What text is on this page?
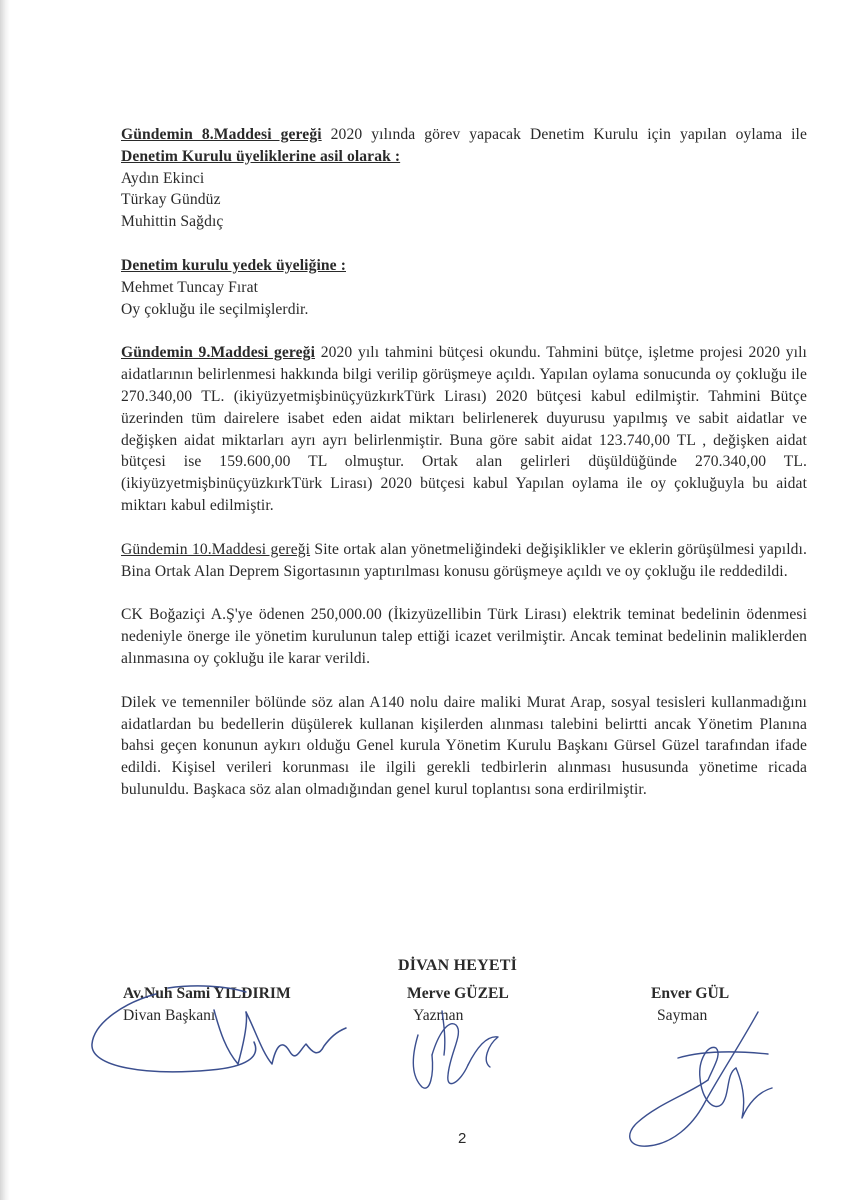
Gündemin 8.Maddesi gereği 2020 yılında görev yapacak Denetim Kurulu için yapılan oylama ile Denetim Kurulu üyeliklerine asil olarak :

Aydın Ekinci
Türkay Gündüz
Muhittin Sağdıç
Denetim kurulu yedek üyeliğine :
Mehmet Tuncay Fırat
Oy çokluğu ile seçilmişlerdir.

Gündemin 9.Maddesi gereği 2020 yılı tahmini bütçesi okundu. Tahmini bütçe, işletme projesi 2020 yılı aidatlarının belirlenmesi hakkında bilgi verilip görüşmeye açıldı. Yapılan oylama sonucunda oy çokluğu ile 270.340,00 TL. (ikiyüzyetmişbinüçyüzkırkTürk Lirası) 2020 bütçesi kabul edilmiştir. Tahmini Bütçe üzerinden tüm dairelere isabet eden aidat miktarı belirlenerek duyurusu yapılmış ve sabit aidatlar ve değişken aidat miktarları ayrı ayrı belirlenmiştir. Buna göre sabit aidat 123.740,00 TL , değişken aidat bütçesi ise 159.600,00 TL olmuştur. Ortak alan gelirleri düşüldüğünde 270.340,00 TL. (ikiyüzyetmişbinüçyüzkırkTürk Lirası) 2020 bütçesi kabul Yapılan oylama ile oy çokluğuyla bu aidat miktarı kabul edilmiştir.

Gündemin 10.Maddesi gereği Site ortak alan yönetmeliğindeki değişiklikler ve eklerin görüşülmesi yapıldı. Bina Ortak Alan Deprem Sigortasının yaptırılması konusu görüşmeye açıldı ve oy çokluğu ile reddedildi.

CK Boğaziçi A.Ş'ye ödenen 250,000.00 (İkizyüzellibin Türk Lirası) elektrik teminat bedelinin ödenmesi nedeniyle önerge ile yönetim kurulunun talep ettiği icazet verilmiştir. Ancak teminat bedelinin maliklerden alınmasına oy çokluğu ile karar verildi.

Dilek ve temenniler bölünde söz alan A140 nolu daire maliki Murat Arap, sosyal tesisleri kullanmadığını aidatlardan bu bedellerin düşülerek kullanan kişilerden alınması talebini belirtti ancak Yönetim Planına bahsi geçen konunun aykırı olduğu Genel kurula Yönetim Kurulu Başkanı Gürsel Güzel tarafından ifade edildi. Kişisel verileri korunması ile ilgili gerekli tedbirlerin alınması hususunda yönetime ricada bulunuldu. Başkaca söz alan olmadığından genel kurul toplantısı sona erdirilmiştir.

DİVAN HEYETİ
Av.Nuh Sami YILDIRIM
Divan Başkanı
Merve GÜZEL
Yazman
Enver GÜL
Sayman
2
